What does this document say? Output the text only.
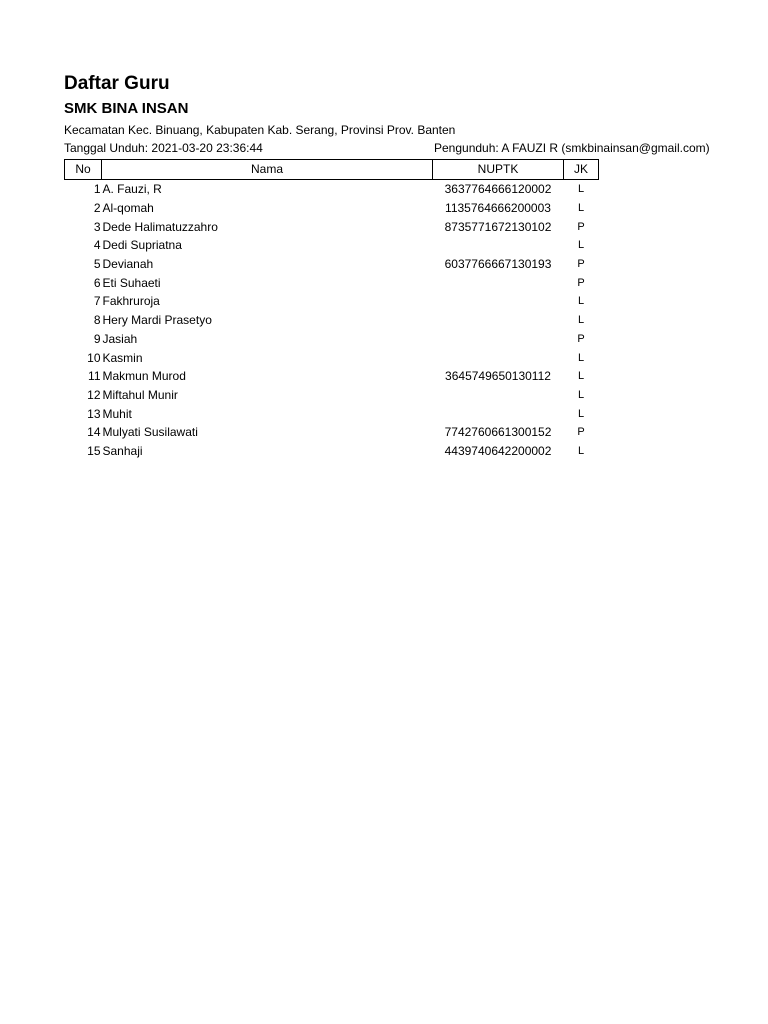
Daftar Guru
SMK BINA INSAN
Kecamatan Kec. Binuang, Kabupaten Kab. Serang, Provinsi Prov. Banten
Tanggal Unduh: 2021-03-20 23:36:44	Pengunduh: A FAUZI R (smkbinainsan@gmail.com)
No	Nama	NUPTK	JK
1	A. Fauzi, R	3637764666120002	L
2	Al-qomah	1135764666200003	L
3	Dede Halimatuzzahro	8735771672130102	P
4	Dedi Supriatna		L
5	Devianah	6037766667130193	P
6	Eti Suhaeti		P
7	Fakhruroja		L
8	Hery Mardi Prasetyo		L
9	Jasiah		P
10	Kasmin		L
11	Makmun Murod	3645749650130112	L
12	Miftahul Munir		L
13	Muhit		L
14	Mulyati Susilawati	7742760661300152	P
15	Sanhaji	4439740642200002	L
